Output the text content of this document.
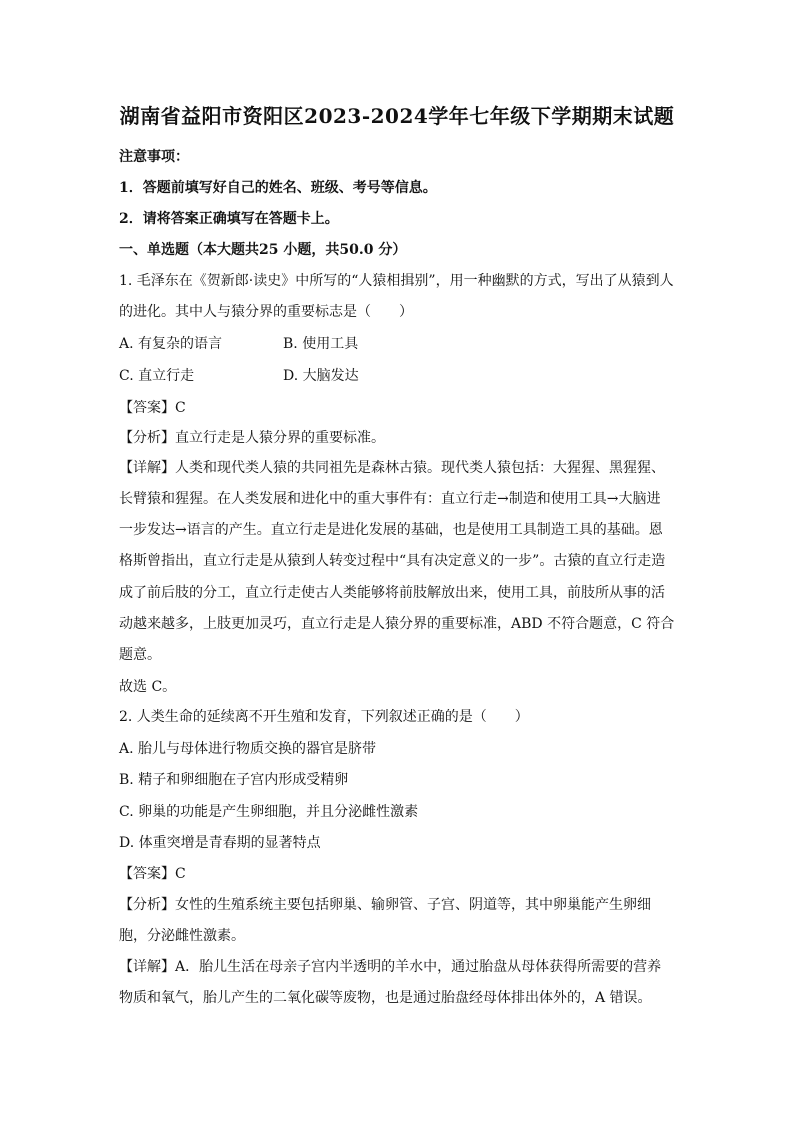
湖南省益阳市资阳区2023-2024学年七年级下学期期末试题
注意事项：
1．答题前填写好自己的姓名、班级、考号等信息。
2．请将答案正确填写在答题卡上。
一、单选题（本大题共25 小题，共50.0 分）
1. 毛泽东在《贺新郎·读史》中所写的“人猿相揖别”，用一种幽默的方式，写出了从猿到人
的进化。其中人与猿分界的重要标志是（　　）
A. 有复杂的语言	B. 使用工具
C. 直立行走	D. 大脑发达
【答案】C
【分析】直立行走是人猿分界的重要标准。
【详解】人类和现代类人猿的共同祖先是森林古猿。现代类人猿包括：大猩猩、黑猩猩、
长臂猿和猩猩。在人类发展和进化中的重大事件有：直立行走→制造和使用工具→大脑进
一步发达→语言的产生。直立行走是进化发展的基础，也是使用工具制造工具的基础。恩
格斯曾指出，直立行走是从猿到人转变过程中“具有决定意义的一步”。古猿的直立行走造
成了前后肢的分工，直立行走使古人类能够将前肢解放出来，使用工具，前肢所从事的活
动越来越多，上肢更加灵巧，直立行走是人猿分界的重要标准，ABD 不符合题意，C 符合
题意。
故选 C。
2. 人类生命的延续离不开生殖和发育，下列叙述正确的是（　　）
A. 胎儿与母体进行物质交换的器官是脐带
B. 精子和卵细胞在子宫内形成受精卵
C. 卵巢的功能是产生卵细胞，并且分泌雌性激素
D. 体重突增是青春期的显著特点
【答案】C
【分析】女性的生殖系统主要包括卵巢、输卵管、子宫、阴道等，其中卵巢能产生卵细
胞，分泌雌性激素。
【详解】A．胎儿生活在母亲子宫内半透明的羊水中，通过胎盘从母体获得所需要的营养
物质和氧气，胎儿产生的二氧化碳等废物，也是通过胎盘经母体排出体外的，A 错误。
